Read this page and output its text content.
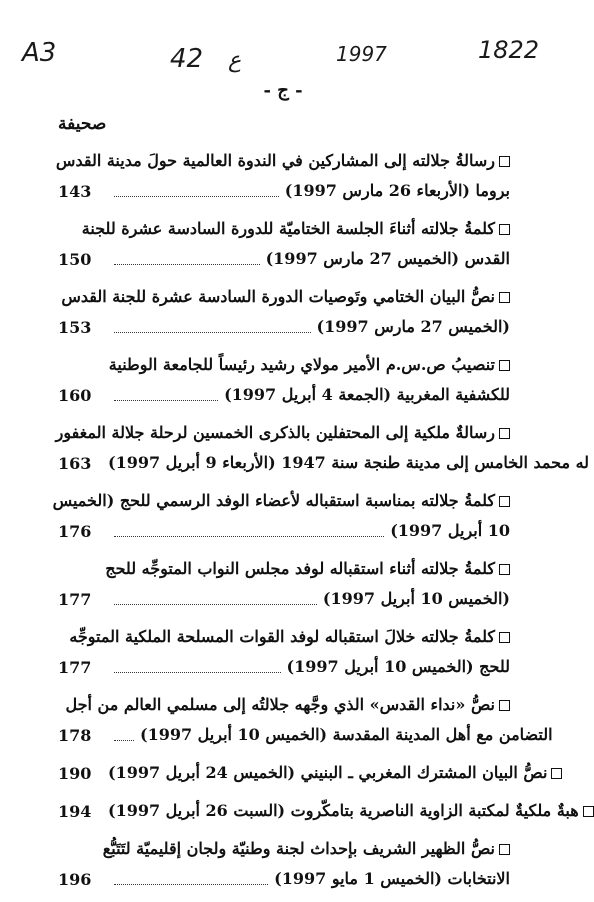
A3	42 ع	1997	1822
- ج -
صحيفة
رسالةُ جلالته إلى المشاركين في الندوة العالمية حولَ مدينة القدس
143	بروما (الأربعاء 26 مارس 1997)
كلمةُ جلالته أثناءَ الجلسة الختاميّة للدورة السادسة عشرة للجنة
150	القدس (الخميس 27 مارس 1997)
نصُّ البيان الختامي وتَوصيات الدورة السادسة عشرة للجنة القدس
153	(الخميس 27 مارس 1997)
تنصيبُ ص.س.م الأمير مولاي رشيد رئيساً للجامعة الوطنية
160	للكشفية المغربية (الجمعة 4 أبريل 1997)
رسالةٌ ملكية إلى المحتفلين بالذكرى الخمسين لرحلة جلالة المغفور
163	له محمد الخامس إلى مدينة طنجة سنة 1947 (الأربعاء 9 أبريل 1997)
كلمةُ جلالته بمناسبة استقباله لأعضاء الوفد الرسمي للحج (الخميس
176	10 أبريل 1997)
كلمةُ جلالته أثناء استقباله لوفد مجلس النواب المتوجِّه للحج
177	(الخميس 10 أبريل 1997)
كلمةُ جلالته خلالَ استقباله لوفد القوات المسلحة الملكية المتوجِّه
177	للحج (الخميس 10 أبريل 1997)
نصُّ «نداء القدس» الذي وجَّهه جلالتُه إلى مسلمي العالم من أجل
178	التضامن مع أهل المدينة المقدسة (الخميس 10 أبريل 1997)
190	نصُّ البيان المشترك المغربي ـ البنيني (الخميس 24 أبريل 1997)
194	هبةٌ ملكيةٌ لمكتبة الزاوية الناصرية بتامكّروت (السبت 26 أبريل 1997)
نصُّ الظهير الشريف بإحداث لجنة وطنيّة ولجان إقليميّة لتَتَبُّع
196	الانتخابات (الخميس 1 مايو 1997)
